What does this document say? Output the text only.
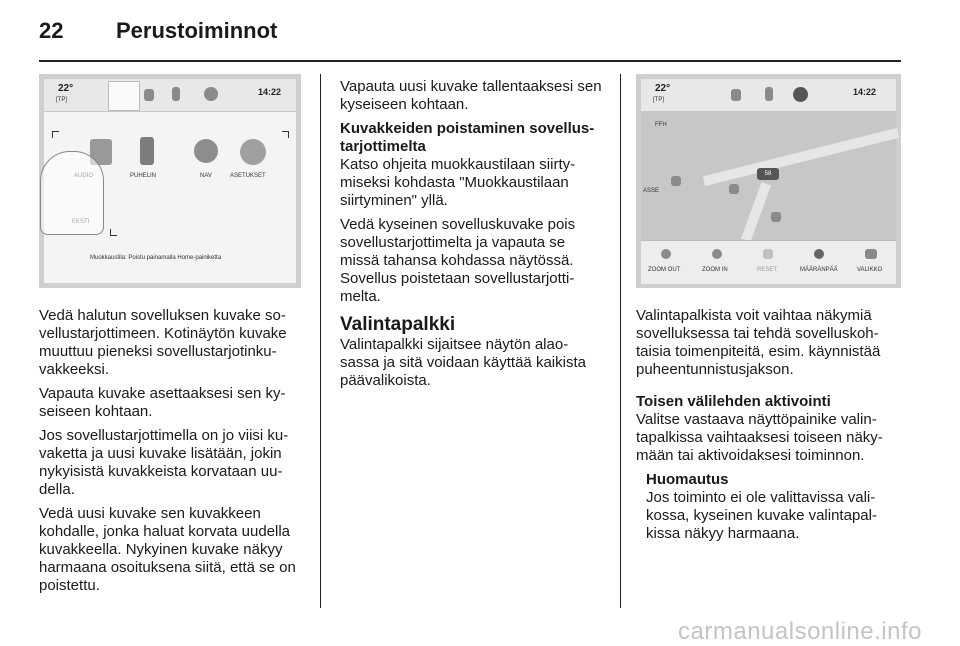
22 Perustoiminnot
22°
[TP]
14:22
PUHELIN	NAV	ASETUKSET
Muokkaustila: Poistu painamalla Home-painiketta

Vedä halutun sovelluksen kuvake so-vellustarjottimeen. Kotinäytön kuvake muuttuu pieneksi sovellustarjotinku-vakkeeksi.

Vapauta kuvake asettaaksesi sen ky-seiseen kohtaan.

Jos sovellustarjottimella on jo viisi ku-vaketta ja uusi kuvake lisätään, jokin nykyisistä kuvakkeista korvataan uu-della.

Vedä uusi kuvake sen kuvakkeen kohdalle, jonka haluat korvata uudella kuvakkeella. Nykyinen kuvake näkyy harmaana osoituksena siitä, että se on poistettu.

Vapauta uusi kuvake tallentaaksesi sen kyseiseen kohtaan.

Kuvakkeiden poistaminen sovellus-tarjottimelta

Katso ohjeita muokkaustilaan siirty-miseksi kohdasta "Muokkaustilaan siirtyminen" yllä.

Vedä kyseinen sovelluskuvake pois sovellustarjottimelta ja vapauta se missä tahansa kohdassa näytössä. Sovellus poistetaan sovellustarjotti-melta.

Valintapalkki

Valintapalkki sijaitsee näytön alao-sassa ja sitä voidaan käyttää kaikista päävalikoista.

22°
[TP]
14:22
FFH
ASSE
58
ZOOM OUT	ZOOM IN	RESET	MÄÄRÄNPÄÄ	VALIKKO

Valintapalkista voit vaihtaa näkymiä sovelluksessa tai tehdä sovelluskoh-taisia toimenpiteitä, esim. käynnistää puheentunnistusjakson.

Toisen välilehden aktivointi

Valitse vastaava näyttöpainike valin-tapalkissa vaihtaaksesi toiseen näky-mään tai aktivoidaksesi toiminnon.

Huomautus

Jos toiminto ei ole valittavissa vali-kossa, kyseinen kuvake valintapal-kissa näkyy harmaana.

carmanualsonline.info
